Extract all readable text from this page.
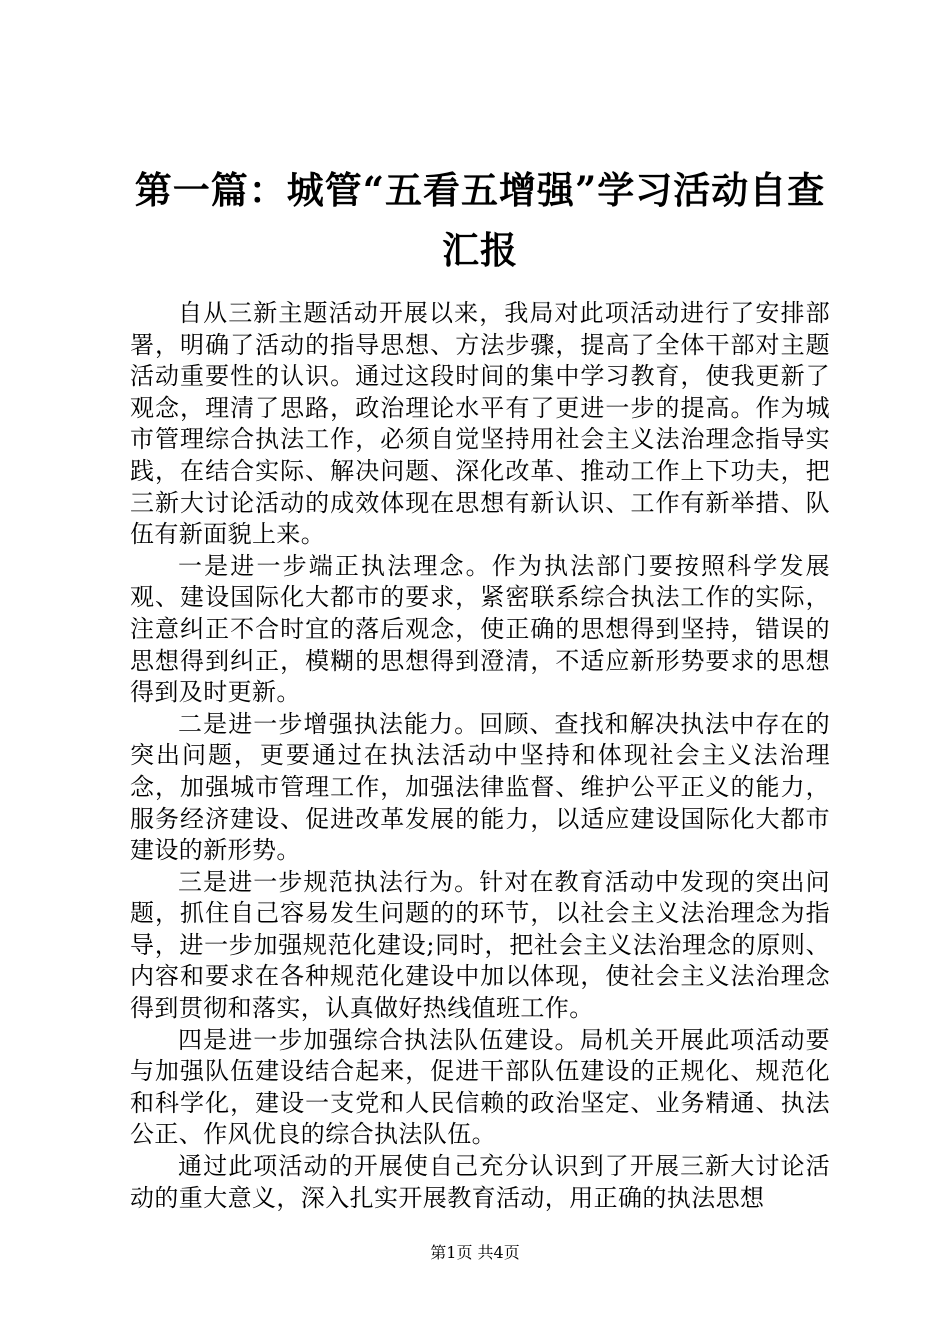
第一篇：城管“五看五增强”学习活动自查汇报

自从三新主题活动开展以来，我局对此项活动进行了安排部署，明确了活动的指导思想、方法步骤，提高了全体干部对主题活动重要性的认识。通过这段时间的集中学习教育，使我更新了观念，理清了思路，政治理论水平有了更进一步的提高。作为城市管理综合执法工作，必须自觉坚持用社会主义法治理念指导实践，在结合实际、解决问题、深化改革、推动工作上下功夫，把三新大讨论活动的成效体现在思想有新认识、工作有新举措、队伍有新面貌上来。

一是进一步端正执法理念。作为执法部门要按照科学发展观、建设国际化大都市的要求，紧密联系综合执法工作的实际，注意纠正不合时宜的落后观念，使正确的思想得到坚持，错误的思想得到纠正，模糊的思想得到澄清，不适应新形势要求的思想得到及时更新。

二是进一步增强执法能力。回顾、查找和解决执法中存在的突出问题，更要通过在执法活动中坚持和体现社会主义法治理念，加强城市管理工作，加强法律监督、维护公平正义的能力，服务经济建设、促进改革发展的能力，以适应建设国际化大都市建设的新形势。

三是进一步规范执法行为。针对在教育活动中发现的突出问题，抓住自己容易发生问题的的环节，以社会主义法治理念为指导，进一步加强规范化建设;同时，把社会主义法治理念的原则、内容和要求在各种规范化建设中加以体现，使社会主义法治理念得到贯彻和落实，认真做好热线值班工作。

四是进一步加强综合执法队伍建设。局机关开展此项活动要与加强队伍建设结合起来，促进干部队伍建设的正规化、规范化和科学化，建设一支党和人民信赖的政治坚定、业务精通、执法公正、作风优良的综合执法队伍。

通过此项活动的开展使自己充分认识到了开展三新大讨论活动的重大意义，深入扎实开展教育活动，用正确的执法思想

第1页 共4页
